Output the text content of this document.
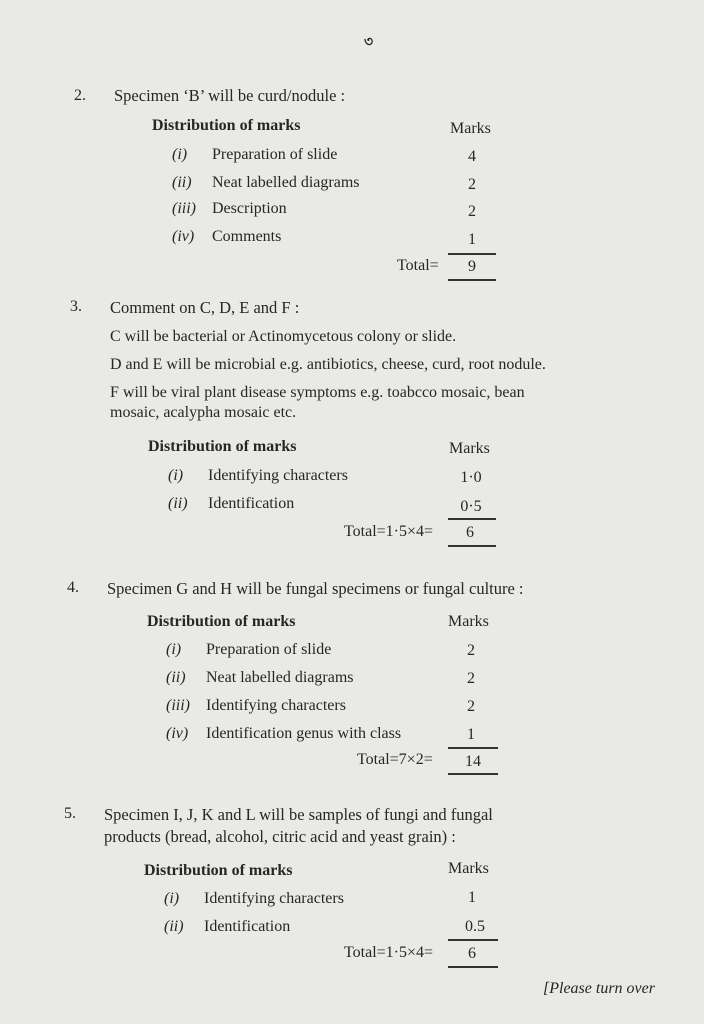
৩
2. Specimen ‘B’ will be curd/nodule :
Distribution of marks	Marks
(i) Preparation of slide	4
(ii) Neat labelled diagrams	2
(iii) Description	2
(iv) Comments	1
Total=	9
3. Comment on C, D, E and F :
C will be bacterial or Actinomycetous colony or slide.
D and E will be microbial e.g. antibiotics, cheese, curd, root nodule.
F will be viral plant disease symptoms e.g. toabcco mosaic, bean
mosaic, acalypha mosaic etc.
Distribution of marks	Marks
(i) Identifying characters	1·0
(ii) Identification	0·5
Total=1·5×4=	6
4. Specimen G and H will be fungal specimens or fungal culture :
Distribution of marks	Marks
(i) Preparation of slide	2
(ii) Neat labelled diagrams	2
(iii) Identifying characters	2
(iv) Identification genus with class	1
Total=7×2=	14
5. Specimen I, J, K and L will be samples of fungi and fungal
products (bread, alcohol, citric acid and yeast grain) :
Distribution of marks	Marks
(i) Identifying characters	1
(ii) Identification	0.5
Total=1·5×4=	6
[Please turn over
